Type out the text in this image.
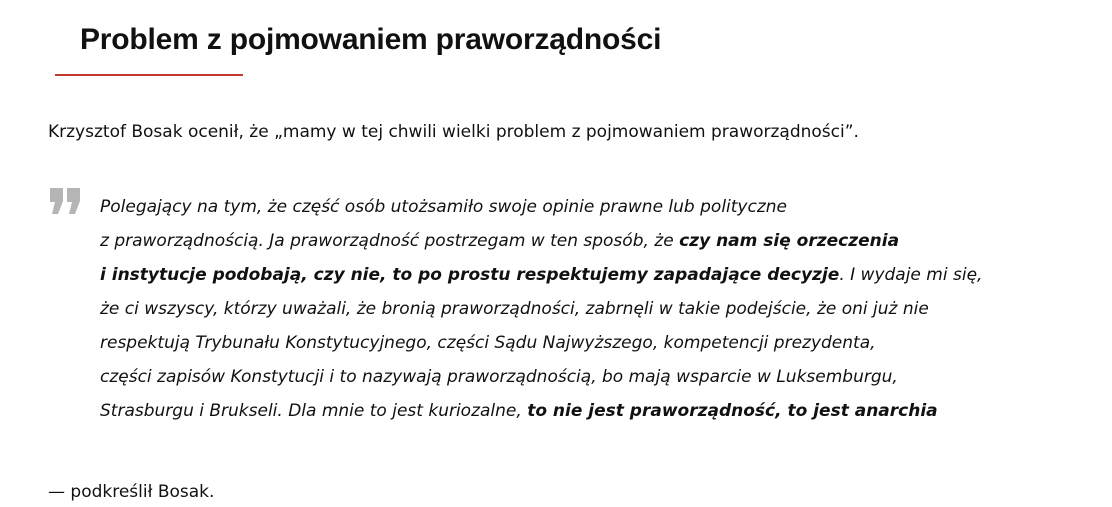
Problem z pojmowaniem praworządności

Krzysztof Bosak ocenił, że „mamy w tej chwili wielki problem z pojmowaniem praworządności”.

Polegający na tym, że część osób utożsamiło swoje opinie prawne lub polityczne
z praworządnością. Ja praworządność postrzegam w ten sposób, że czy nam się orzeczenia
i instytucje podobają, czy nie, to po prostu respektujemy zapadające decyzje. I wydaje mi się,
że ci wszyscy, którzy uważali, że bronią praworządności, zabrnęli w takie podejście, że oni już nie
respektują Trybunału Konstytucyjnego, części Sądu Najwyższego, kompetencji prezydenta,
części zapisów Konstytucji i to nazywają praworządnością, bo mają wsparcie w Luksemburgu,
Strasburgu i Brukseli. Dla mnie to jest kuriozalne, to nie jest praworządność, to jest anarchia

— podkreślił Bosak.
